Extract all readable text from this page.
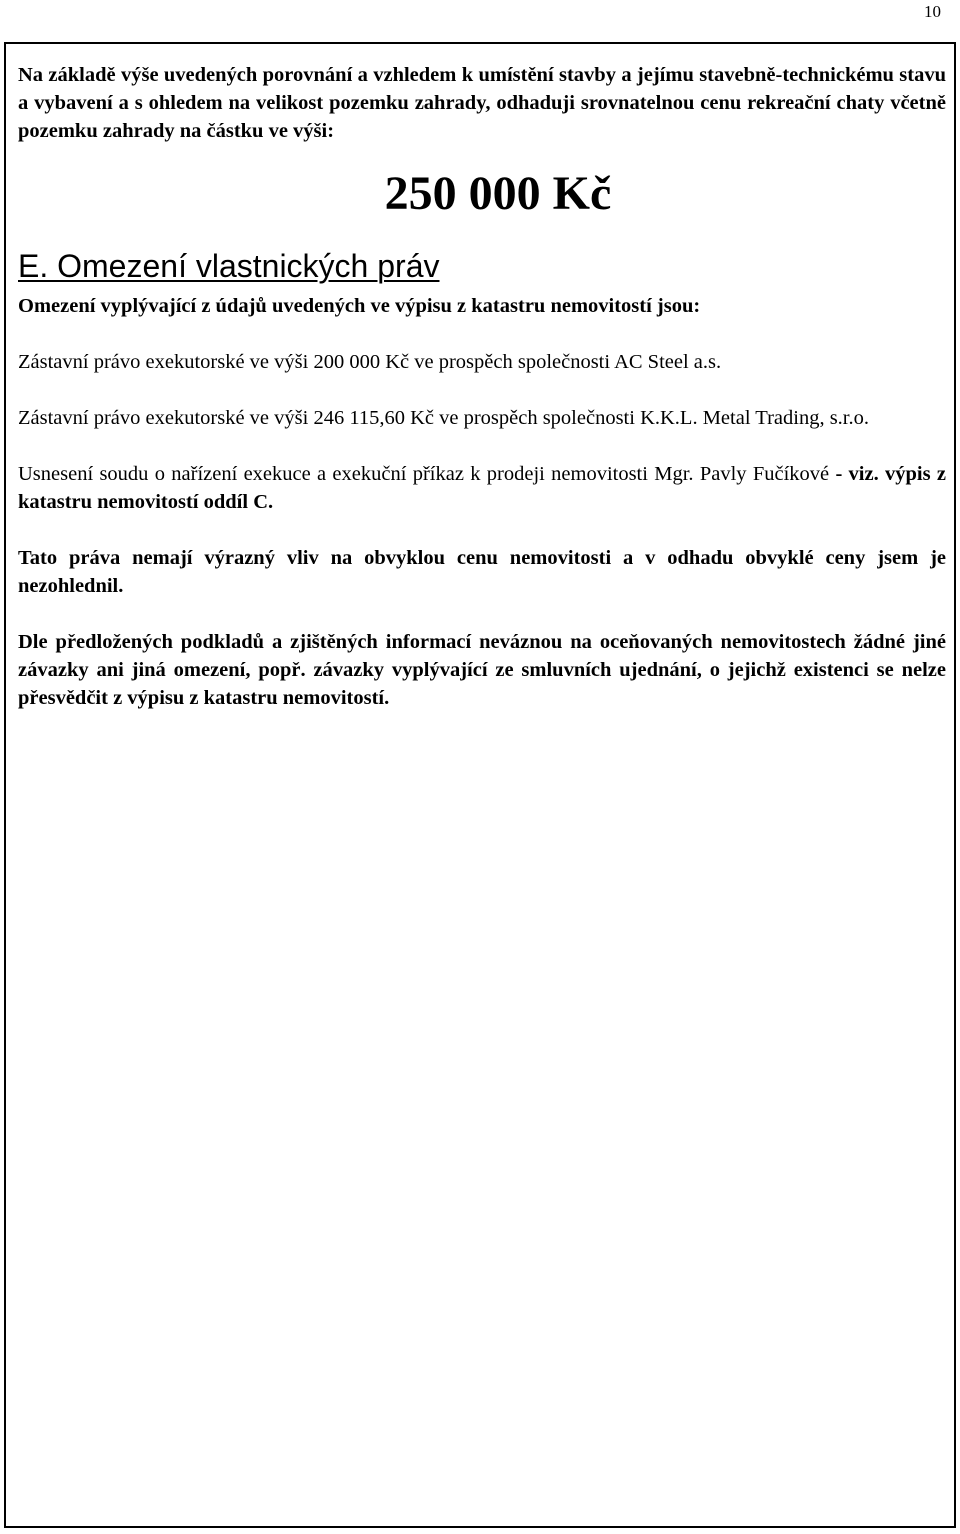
10

Na základě výše uvedených porovnání a vzhledem k umístění stavby a jejímu stavebně-technickému stavu a vybavení a s ohledem na velikost pozemku zahrady, odhaduji srovnatelnou cenu rekreační chaty včetně pozemku zahrady na částku ve výši:

250 000 Kč

E. Omezení vlastnických práv

Omezení vyplývající z údajů uvedených ve výpisu z katastru nemovitostí jsou:

Zástavní právo exekutorské ve výši 200 000 Kč ve prospěch společnosti AC Steel a.s.

Zástavní právo exekutorské ve výši 246 115,60 Kč ve prospěch společnosti K.K.L. Metal Trading, s.r.o.

Usnesení soudu o nařízení exekuce a exekuční příkaz k prodeji nemovitosti Mgr. Pavly Fučíkové - viz. výpis z katastru nemovitostí oddíl C.

Tato práva nemají výrazný vliv na obvyklou cenu nemovitosti a v odhadu obvyklé ceny jsem je nezohlednil.

Dle předložených podkladů a zjištěných informací neváznou na oceňovaných nemovitostech žádné jiné závazky ani jiná omezení, popř. závazky vyplývající ze smluvních ujednání, o jejichž existenci se nelze přesvědčit z výpisu z katastru nemovitostí.
